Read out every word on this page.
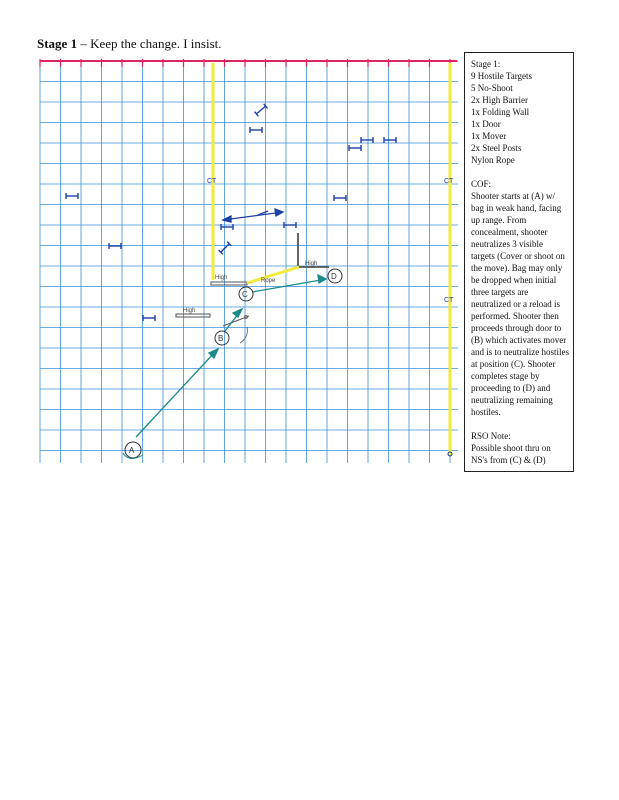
Stage 1 – Keep the change. I insist.
CT	CT
CT
Rope
High
High
High
A
B
C
D
Stage 1:
9 Hostile Targets
5 No-Shoot
2x High Barrier
1x Folding Wall
1x Door
1x Mover
2x Steel Posts
Nylon Rope
COF:
Shooter starts at (A) w/ bag in weak hand, facing up range. From concealment, shooter neutralizes 3 visible targets (Cover or shoot on the move). Bag may only be dropped when initial three targets are neutralized or a reload is performed. Shooter then proceeds through door to (B) which activates mover and is to neutralize hostiles at position (C). Shooter completes stage by proceeding to (D) and neutralizing remaining hostiles.
RSO Note:
Possible shoot thru on NS's from (C) & (D)
